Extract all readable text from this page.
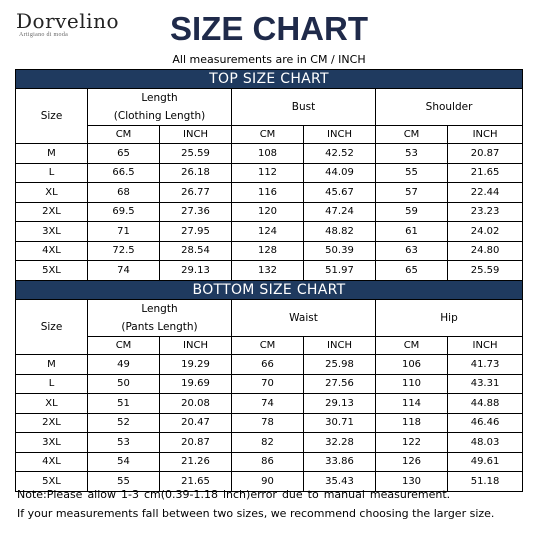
Dorvelino
Artigiano di moda	SIZE CHART
All measurements are in CM / INCH
TOP SIZE CHART						
Size	Length
(Clothing Length)		Bust		Shoulder	
	CM	INCH	CM	INCH	CM	INCH
M	65	25.59	108	42.52	53	20.87
L	66.5	26.18	112	44.09	55	21.65
XL	68	26.77	116	45.67	57	22.44
2XL	69.5	27.36	120	47.24	59	23.23
3XL	71	27.95	124	48.82	61	24.02
4XL	72.5	28.54	128	50.39	63	24.80
5XL	74	29.13	132	51.97	65	25.59
BOTTOM SIZE CHART						
Size	Length
(Pants Length)		Waist		Hip	
	CM	INCH	CM	INCH	CM	INCH
M	49	19.29	66	25.98	106	41.73
L	50	19.69	70	27.56	110	43.31
XL	51	20.08	74	29.13	114	44.88
2XL	52	20.47	78	30.71	118	46.46
3XL	53	20.87	82	32.28	122	48.03
4XL	54	21.26	86	33.86	126	49.61
5XL	55	21.65	90	35.43	130	51.18
Note:Please allow 1-3 cm(0.39-1.18 inch)error due to manual measurement.
If your measurements fall between two sizes, we recommend choosing the larger size.
